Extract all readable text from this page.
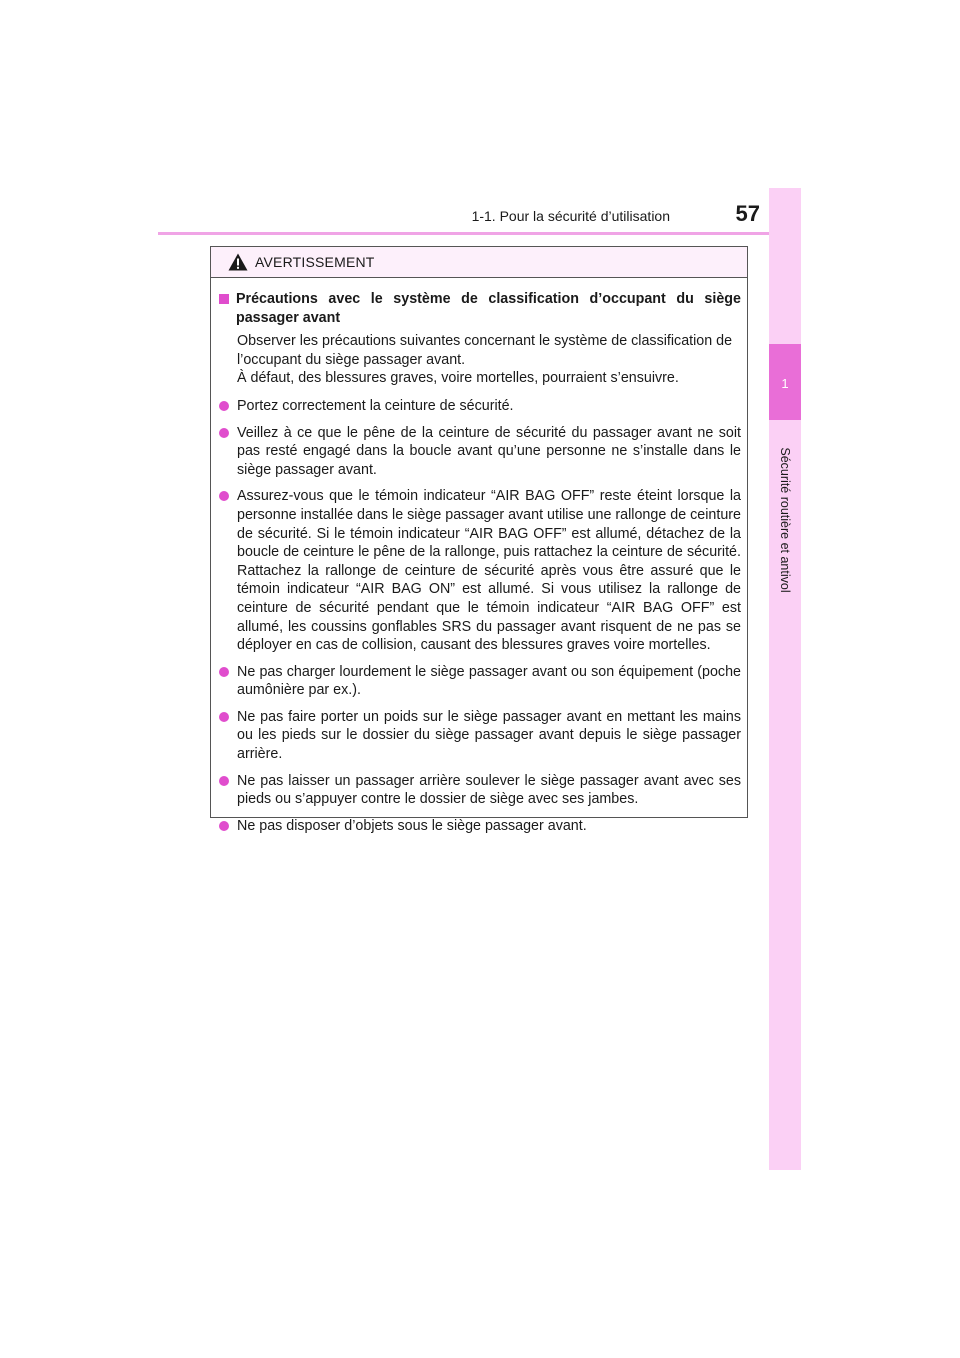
1-1. Pour la sécurité d’utilisation	57
1
Sécurité routière et antivol
AVERTISSEMENT
Précautions avec le système de classification d’occupant du siège passager avant

Observer les précautions suivantes concernant le système de classification de l’occupant du siège passager avant.

À défaut, des blessures graves, voire mortelles, pourraient s’ensuivre.

Portez correctement la ceinture de sécurité.
Veillez à ce que le pêne de la ceinture de sécurité du passager avant ne soit pas resté engagé dans la boucle avant qu’une personne ne s’installe dans le siège passager avant.
Assurez-vous que le témoin indicateur “AIR BAG OFF” reste éteint lorsque la personne installée dans le siège passager avant utilise une rallonge de ceinture de sécurité. Si le témoin indicateur “AIR BAG OFF” est allumé, détachez de la boucle de ceinture le pêne de la rallonge, puis rattachez la ceinture de sécurité. Rattachez la rallonge de ceinture de sécurité après vous être assuré que le témoin indicateur “AIR BAG ON” est allumé. Si vous utilisez la rallonge de ceinture de sécurité pendant que le témoin indicateur “AIR BAG OFF” est allumé, les coussins gonflables SRS du passager avant risquent de ne pas se déployer en cas de collision, causant des blessures graves voire mortelles.
Ne pas charger lourdement le siège passager avant ou son équipement (poche aumônière par ex.).
Ne pas faire porter un poids sur le siège passager avant en mettant les mains ou les pieds sur le dossier du siège passager avant depuis le siège passager arrière.
Ne pas laisser un passager arrière soulever le siège passager avant avec ses pieds ou s’appuyer contre le dossier de siège avec ses jambes.
Ne pas disposer d’objets sous le siège passager avant.
